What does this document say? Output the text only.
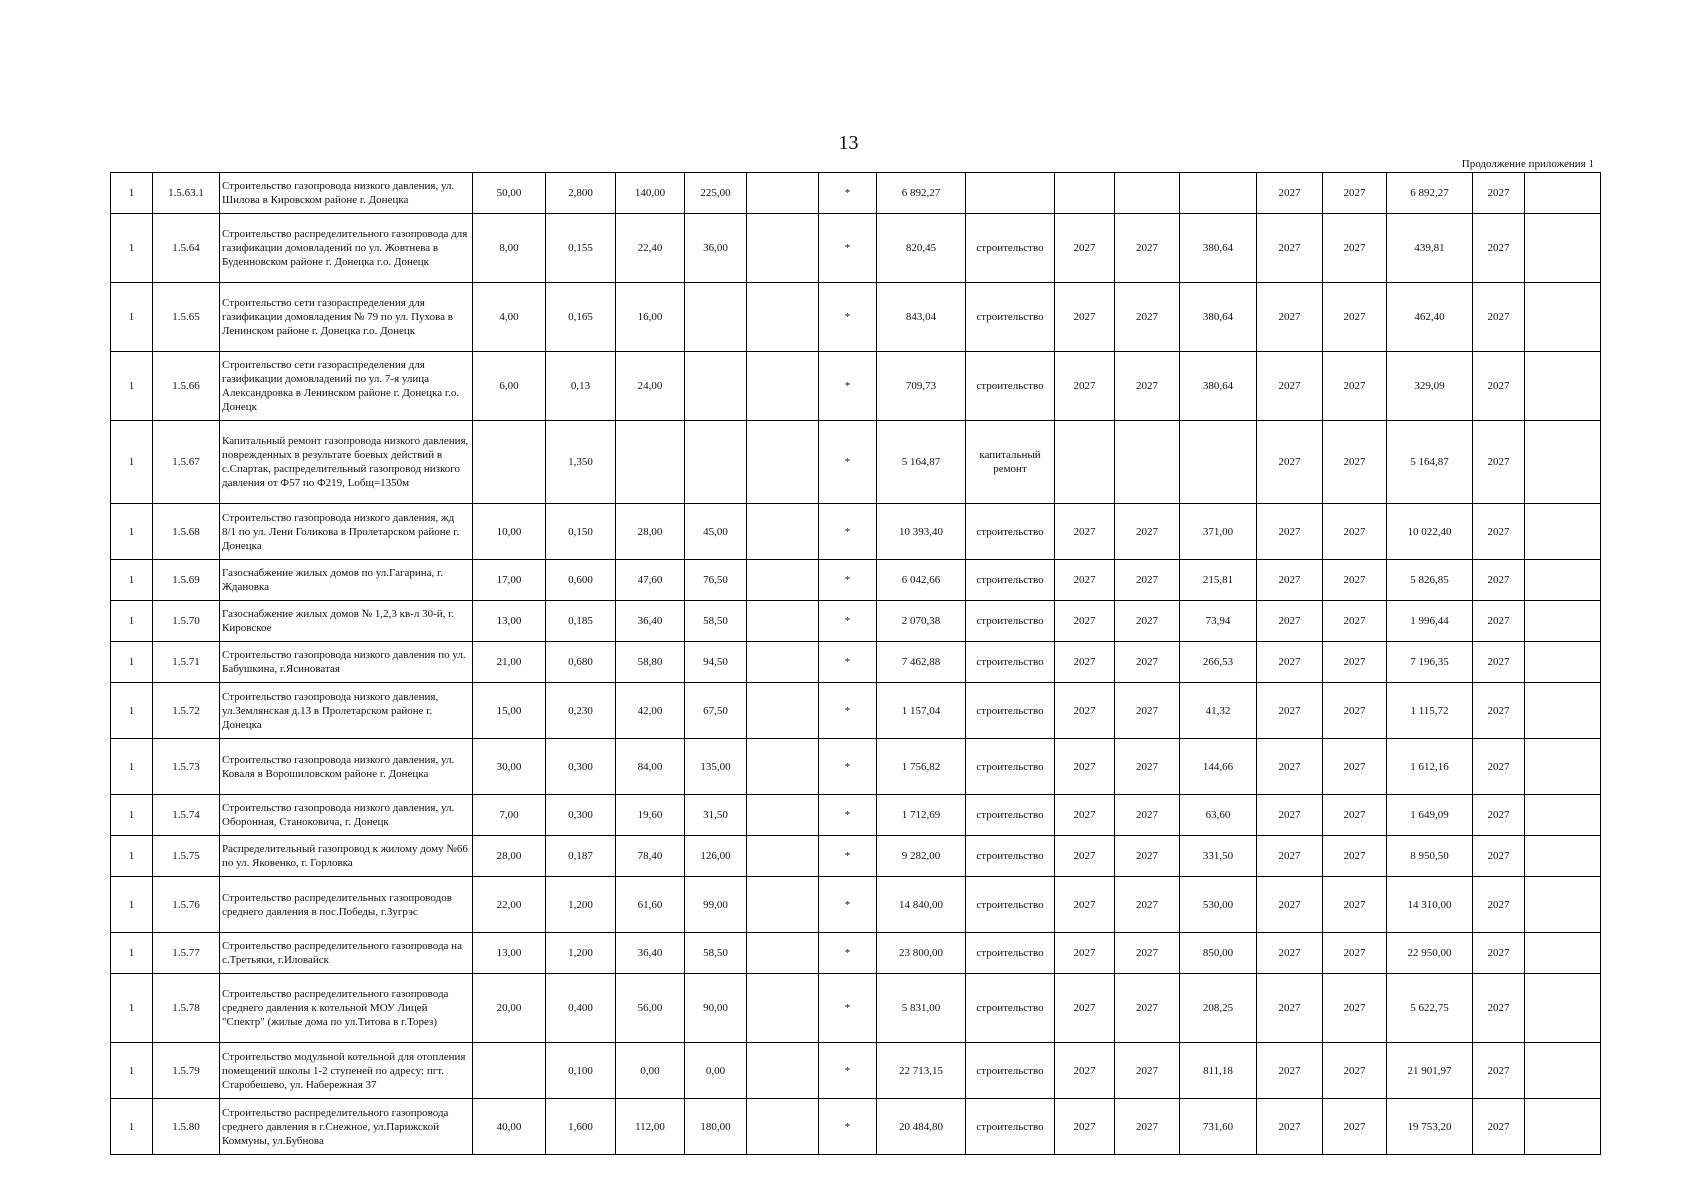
13
Продолжение приложения 1
1	1.5.63.1	Строительство газопровода низкого давления, ул. Шилова в Кировском районе г. Донецка	50,00	2,800	140,00	225,00		*	6 892,27					2027	2027	6 892,27	2027	
1	1.5.64	Строительство распределительного газопровода для газификации домовладений по ул. Жовтнева в Буденновском районе г. Донецка г.о. Донецк	8,00	0,155	22,40	36,00		*	820,45	строительство	2027	2027	380,64	2027	2027	439,81	2027	
1	1.5.65	Строительство сети газораспределения для газификации домовладения № 79 по ул. Пухова в Ленинском районе г. Донецка г.о. Донецк	4,00	0,165	16,00			*	843,04	строительство	2027	2027	380,64	2027	2027	462,40	2027	
1	1.5.66	Строительство сети газораспределения для газификации домовладений по ул. 7-я улица Александровка в Ленинском районе г. Донецка г.о. Донецк	6,00	0,13	24,00			*	709,73	строительство	2027	2027	380,64	2027	2027	329,09	2027	
1	1.5.67	Капитальный ремонт газопровода низкого давления, поврежденных в результате боевых действий в с.Спартак, распределительный газопровод низкого давления от Ф57 по Ф219, Lобщ=1350м		1,350				*	5 164,87	капитальный ремонт				2027	2027	5 164,87	2027	
1	1.5.68	Строительство газопровода низкого давления, жд 8/1 по ул. Лени Голикова в Пролетарском районе г. Донецка	10,00	0,150	28,00	45,00		*	10 393,40	строительство	2027	2027	371,00	2027	2027	10 022,40	2027	
1	1.5.69	Газоснабжение жилых домов по ул.Гагарина, г. Ждановка	17,00	0,600	47,60	76,50		*	6 042,66	строительство	2027	2027	215,81	2027	2027	5 826,85	2027	
1	1.5.70	Газоснабжение жилых домов № 1,2,3 кв-л 30-й, г. Кировское	13,00	0,185	36,40	58,50		*	2 070,38	строительство	2027	2027	73,94	2027	2027	1 996,44	2027	
1	1.5.71	Строительство газопровода низкого давления по ул. Бабушкина, г.Ясиноватая	21,00	0,680	58,80	94,50		*	7 462,88	строительство	2027	2027	266,53	2027	2027	7 196,35	2027	
1	1.5.72	Строительство газопровода низкого давления, ул.Землянская д.13 в Пролетарском районе г. Донецка	15,00	0,230	42,00	67,50		*	1 157,04	строительство	2027	2027	41,32	2027	2027	1 115,72	2027	
1	1.5.73	Строительство газопровода низкого давления, ул. Коваля в Ворошиловском районе г. Донецка	30,00	0,300	84,00	135,00		*	1 756,82	строительство	2027	2027	144,66	2027	2027	1 612,16	2027	
1	1.5.74	Строительство газопровода низкого давления, ул. Оборонная, Станоковича, г. Донецк	7,00	0,300	19,60	31,50		*	1 712,69	строительство	2027	2027	63,60	2027	2027	1 649,09	2027	
1	1.5.75	Распределительный газопровод к жилому дому №66 по ул. Яковенко, г. Горловка	28,00	0,187	78,40	126,00		*	9 282,00	строительство	2027	2027	331,50	2027	2027	8 950,50	2027	
1	1.5.76	Строительство распределительных газопроводов среднего давления в пос.Победы, г.Зугрэс	22,00	1,200	61,60	99,00		*	14 840,00	строительство	2027	2027	530,00	2027	2027	14 310,00	2027	
1	1.5.77	Строительство распределительного газопровода на с.Третьяки, г.Иловайск	13,00	1,200	36,40	58,50		*	23 800,00	строительство	2027	2027	850,00	2027	2027	22 950,00	2027	
1	1.5.78	Строительство распределительного газопровода среднего давления к котельной МОУ Лицей "Спектр" (жилые дома по ул.Титова в г.Торез)	20,00	0,400	56,00	90,00		*	5 831,00	строительство	2027	2027	208,25	2027	2027	5 622,75	2027	
1	1.5.79	Строительство модульной котельной для отопления помещений школы 1-2 ступеней по адресу: пгт. Старобешево, ул. Набережная 37		0,100	0,00	0,00		*	22 713,15	строительство	2027	2027	811,18	2027	2027	21 901,97	2027	
1	1.5.80	Строительство распределительного газопровода среднего давления в г.Снежное, ул.Парижской Коммуны, ул.Бубнова	40,00	1,600	112,00	180,00		*	20 484,80	строительство	2027	2027	731,60	2027	2027	19 753,20	2027	
